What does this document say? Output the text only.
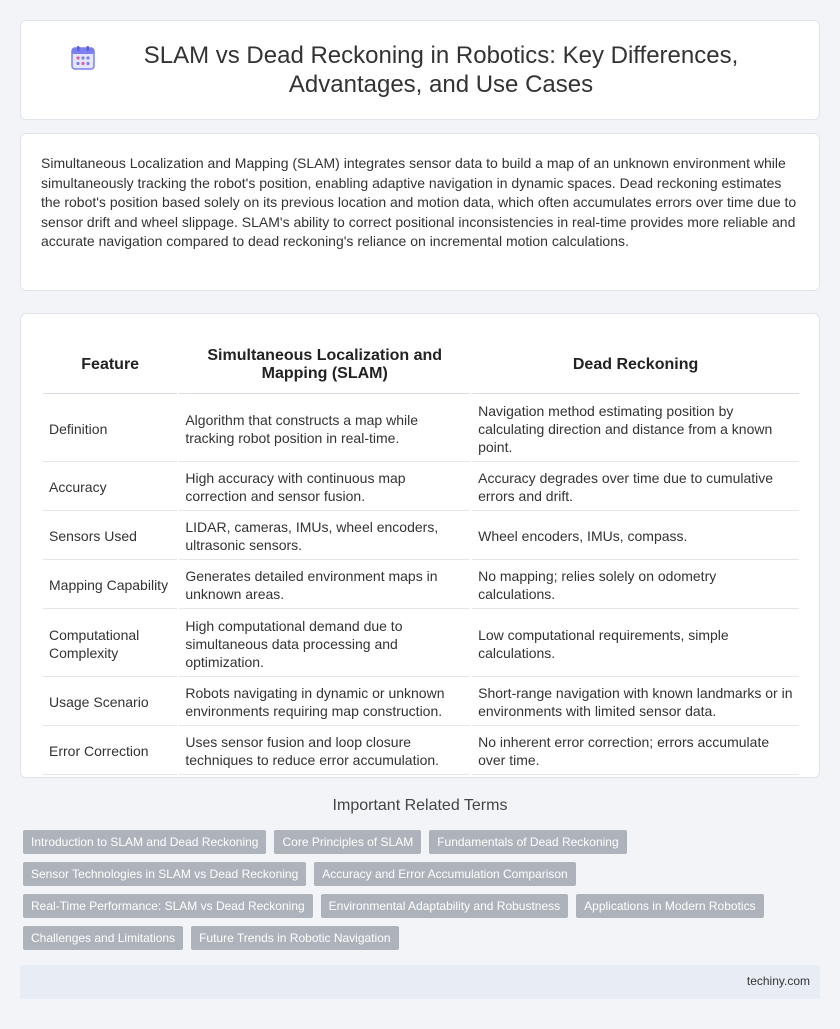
SLAM vs Dead Reckoning in Robotics: Key Differences, Advantages, and Use Cases

Simultaneous Localization and Mapping (SLAM) integrates sensor data to build a map of an unknown environment while simultaneously tracking the robot's position, enabling adaptive navigation in dynamic spaces. Dead reckoning estimates the robot's position based solely on its previous location and motion data, which often accumulates errors over time due to sensor drift and wheel slippage. SLAM's ability to correct positional inconsistencies in real-time provides more reliable and accurate navigation compared to dead reckoning's reliance on incremental motion calculations.

Feature	Simultaneous Localization and Mapping (SLAM)	Dead Reckoning
Definition	Algorithm that constructs a map while tracking robot position in real-time.	Navigation method estimating position by calculating direction and distance from a known point.
Accuracy	High accuracy with continuous map correction and sensor fusion.	Accuracy degrades over time due to cumulative errors and drift.
Sensors Used	LIDAR, cameras, IMUs, wheel encoders, ultrasonic sensors.	Wheel encoders, IMUs, compass.
Mapping Capability	Generates detailed environment maps in unknown areas.	No mapping; relies solely on odometry calculations.
Computational Complexity	High computational demand due to simultaneous data processing and optimization.	Low computational requirements, simple calculations.
Usage Scenario	Robots navigating in dynamic or unknown environments requiring map construction.	Short-range navigation with known landmarks or in environments with limited sensor data.
Error Correction	Uses sensor fusion and loop closure techniques to reduce error accumulation.	No inherent error correction; errors accumulate over time.
Important Related Terms
Introduction to SLAM and Dead Reckoning	Core Principles of SLAM	Fundamentals of Dead Reckoning
Sensor Technologies in SLAM vs Dead Reckoning	Accuracy and Error Accumulation Comparison
Real-Time Performance: SLAM vs Dead Reckoning	Environmental Adaptability and Robustness	Applications in Modern Robotics
Challenges and Limitations	Future Trends in Robotic Navigation
techiny.com
